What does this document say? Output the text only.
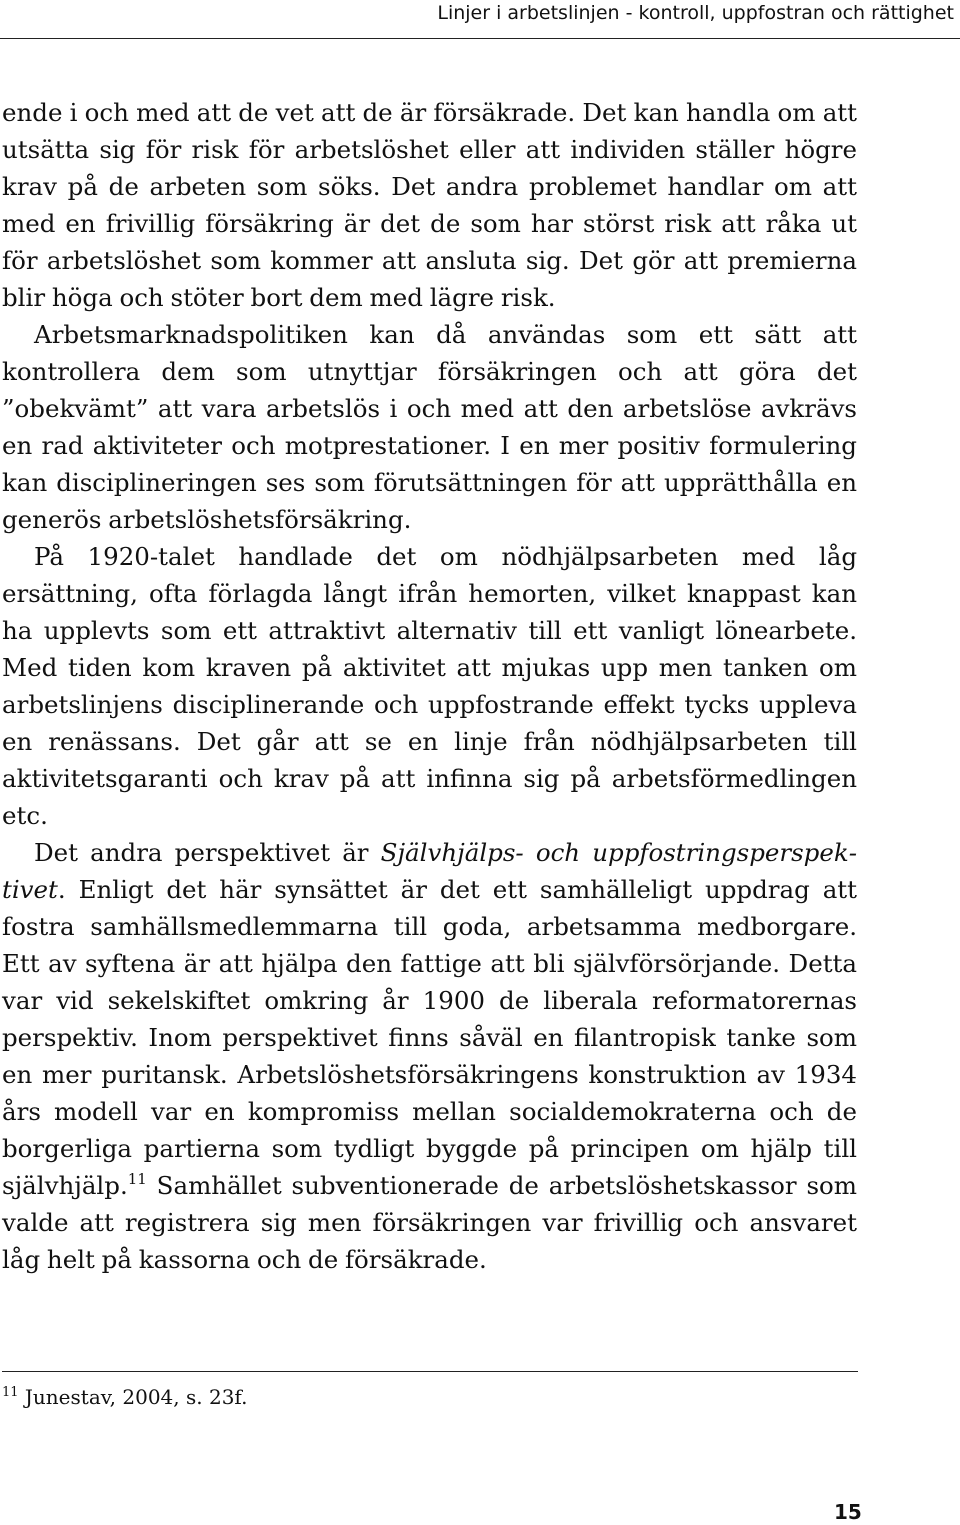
Linjer i arbetslinjen - kontroll, uppfostran och rättighet

ende i och med att de vet att de är försäkrade. Det kan handla om att utsätta sig för risk för arbetslöshet eller att individen ställer högre krav på de arbeten som söks. Det andra problemet handlar om att med en frivillig försäkring är det de som har störst risk att råka ut för arbetslöshet som kommer att ansluta sig. Det gör att premierna blir höga och stöter bort dem med lägre risk.

Arbetsmarknadspolitiken kan då användas som ett sätt att kontrollera dem som utnyttjar försäkringen och att göra det ”obekvämt” att vara arbetslös i och med att den arbetslöse avkrävs en rad aktiviteter och motprestationer. I en mer positiv formulering kan disciplineringen ses som förutsättningen för att upprätthålla en generös arbetslöshetsförsäkring.

På 1920-talet handlade det om nödhjälpsarbeten med låg ersättning, ofta förlagda långt ifrån hemorten, vilket knappast kan ha upplevts som ett attraktivt alternativ till ett vanligt lönearbete. Med tiden kom kraven på aktivitet att mjukas upp men tanken om arbetslinjens disciplinerande och uppfostrande effekt tycks uppleva en renässans. Det går att se en linje från nödhjälpsarbeten till aktivitetsgaranti och krav på att infinna sig på arbetsförmedlingen etc.

Det andra perspektivet är Självhjälps- och uppfostringsperspektivet. Enligt det här synsättet är det ett samhälleligt uppdrag att fostra samhällsmedlemmarna till goda, arbetsamma medborgare. Ett av syftena är att hjälpa den fattige att bli självförsörjande. Detta var vid sekelskiftet omkring år 1900 de liberala reformatorernas perspektiv. Inom perspektivet finns såväl en filantropisk tanke som en mer puritansk. Arbetslöshetsförsäkringens konstruktion av 1934 års modell var en kompromiss mellan socialdemokraterna och de borgerliga partierna som tydligt byggde på principen om hjälp till självhjälp.$^{11}$ Samhället subventionerade de arbetslöshetskassor som valde att registrera sig men försäkringen var frivillig och ansvaret låg helt på kassorna och de försäkrade.

$^{11}$ Junestav, 2004, s. 23f.
15
